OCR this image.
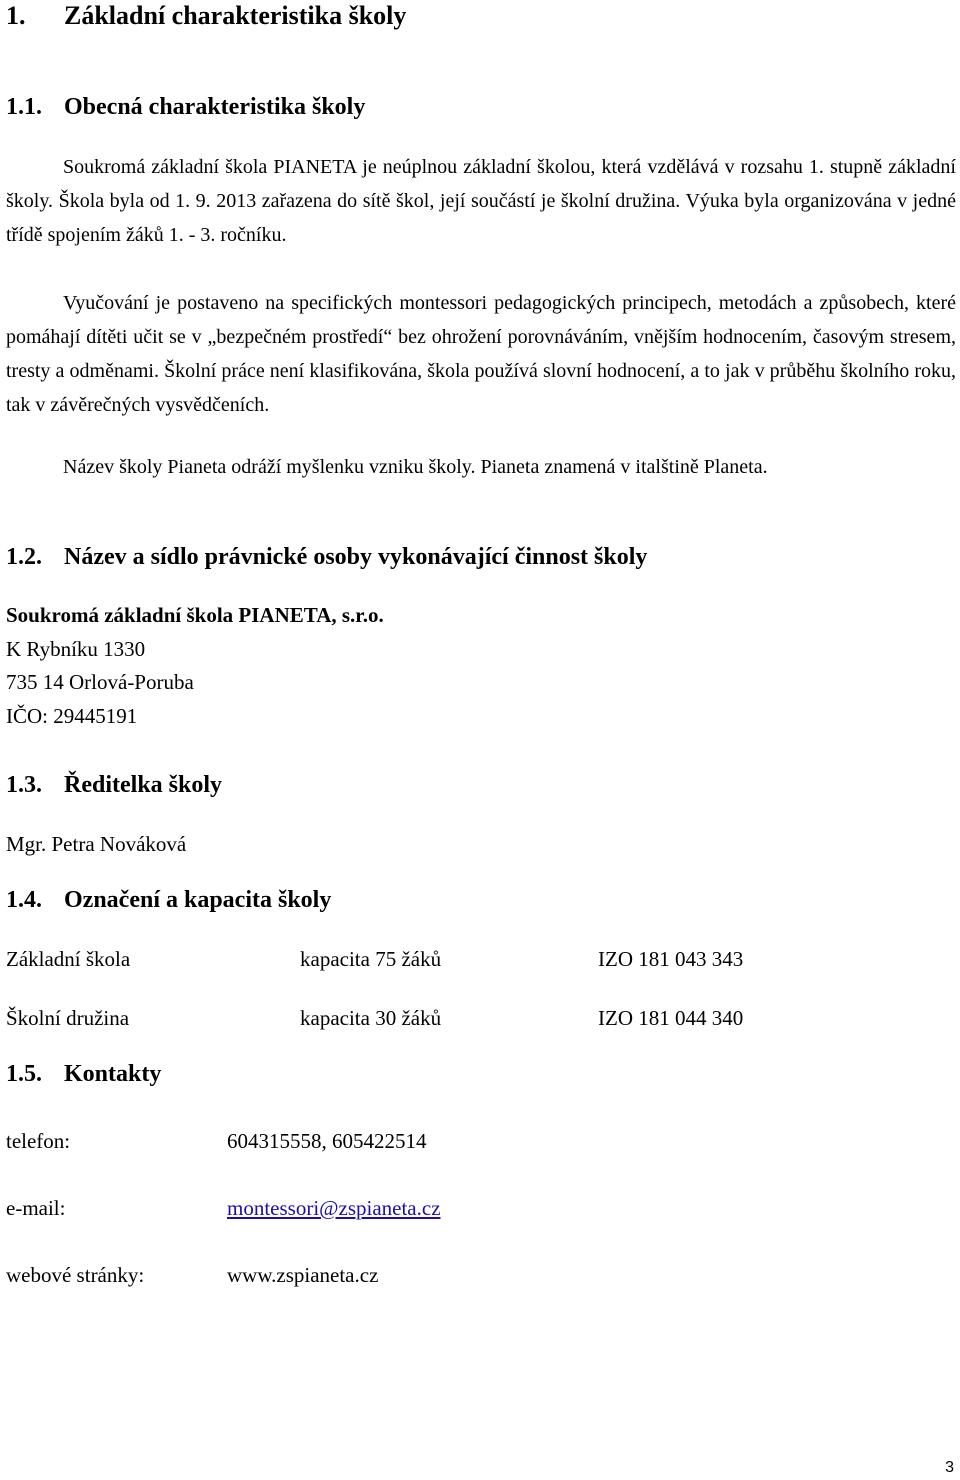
1. Základní charakteristika školy
1.1. Obecná charakteristika školy
Soukromá základní škola PIANETA je neúplnou základní školou, která vzdělává v rozsahu 1. stupně základní školy. Škola byla od 1. 9. 2013 zařazena do sítě škol, její součástí je školní družina. Výuka byla organizována v jedné třídě spojením žáků 1. - 3. ročníku.
Vyučování je postaveno na specifických montessori pedagogických principech, metodách a způsobech, které pomáhají dítěti učit se v „bezpečném prostředí“ bez ohrožení porovnáváním, vnějším hodnocením, časovým stresem, tresty a odměnami. Školní práce není klasifikována, škola používá slovní hodnocení, a to jak v průběhu školního roku, tak v závěrečných vysvědčeních.
Název školy Pianeta odráží myšlenku vzniku školy. Pianeta znamená v italštině Planeta.
1.2. Název a sídlo právnické osoby vykonávající činnost školy
Soukromá základní škola PIANETA, s.r.o.
K Rybníku 1330
735 14 Orlová-Poruba
IČO: 29445191
1.3. Ředitelka školy
Mgr. Petra Nováková
1.4. Označení a kapacita školy
Základní škola	kapacita 75 žáků	IZO 181 043 343
Školní družina	kapacita 30 žáků	IZO 181 044 340
1.5. Kontakty
telefon:	604315558, 605422514
e-mail:	montessori@zspianeta.cz
webové stránky:	www.zspianeta.cz
3
